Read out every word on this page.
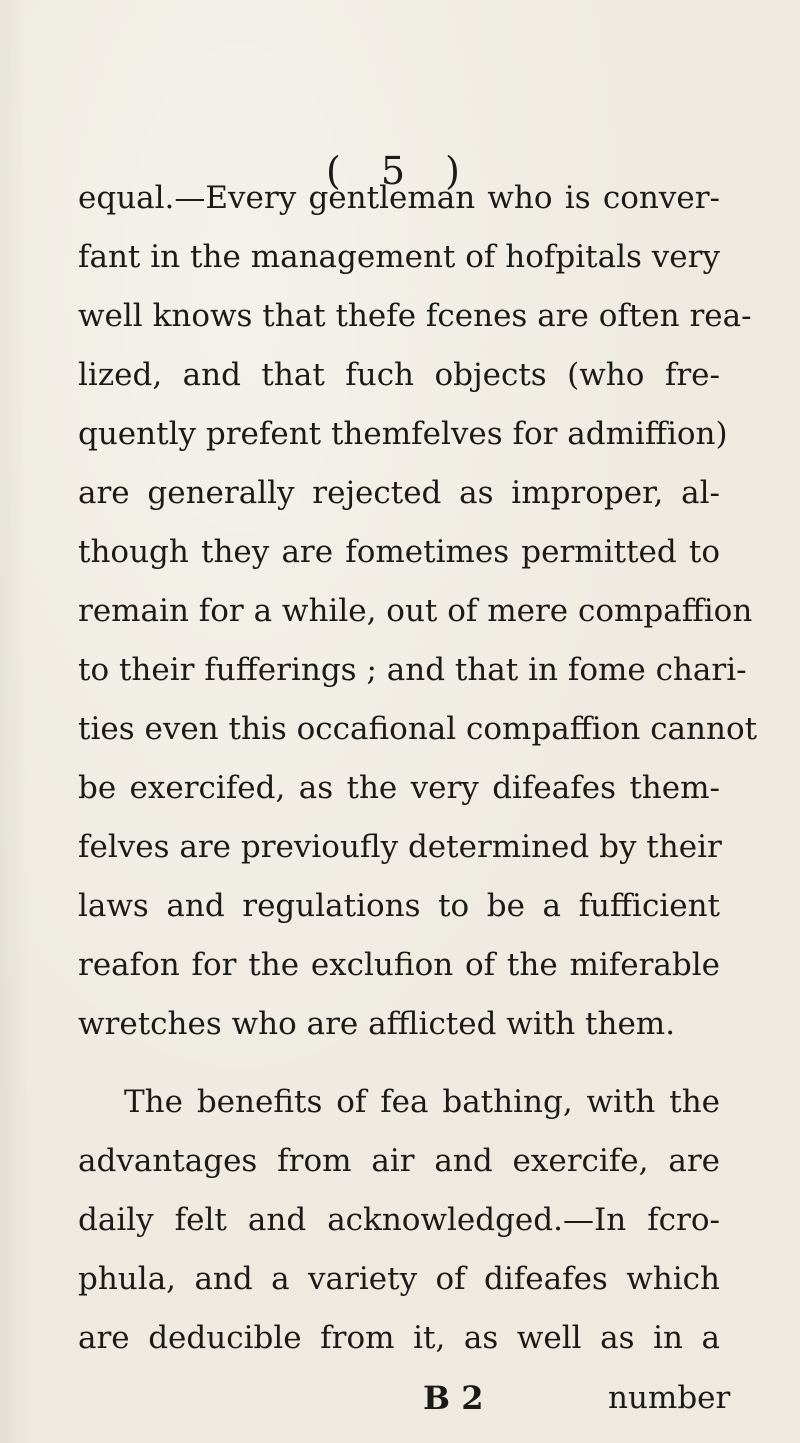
( 5 )
equal.—Every gentleman who is conver-
fant in the management of hofpitals very
well knows that thefe fcenes are often rea-
lized, and that fuch objects (who fre-
quently prefent themfelves for admiffion)
are generally rejected as improper, al-
though they are fometimes permitted to
remain for a while, out of mere compaffion
to their fufferings ; and that in fome chari-
ties even this occafional compaffion cannot
be exercifed, as the very difeafes them-
felves are previoufly determined by their
laws and regulations to be a fufficient
reafon for the exclufion of the miferable
wretches who are afflicted with them.
The benefits of fea bathing, with the
advantages from air and exercife, are
daily felt and acknowledged.—In fcro-
phula, and a variety of difeafes which
are deducible from it, as well as in a
B 2	number
